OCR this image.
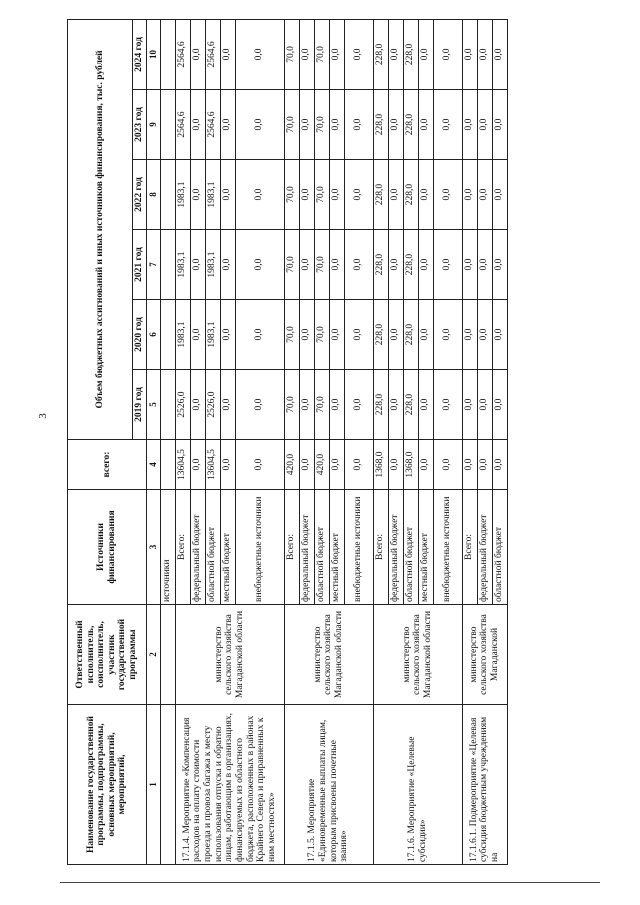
3
Наименование государственной программы, подпрограммы, основных мероприятий, мероприятий,	Ответственный исполнитель, соисполнитель, участник государственной программы	Источники финансирования	всего:	Объем бюджетных ассигнований и иных источников финансирования, тыс. рублей					
				2019 год	2020 год	2021 год	2022 год	2023 год	2024 год
1	2	3	4	5	6	7	8	9	10
		источники							
17.1.4. Мероприятие «Компенсация расходов на оплату стоимости проезда и провоза багажа к месту использования отпуска и обратно лицам, работающим в организациях, финансируемых из областного бюджета, расположенных в районах Крайнего Севера и приравненных к ним местностях»	министерство сельского хозяйства Магаданской области	Всего:	13604,5	2526,0	1983,1	1983,1	1983,1	2564,6	2564,6
		федеральный бюджет	0,0	0,0	0,0	0,0	0,0	0,0	0,0
		областной бюджет	13604,5	2526,0	1983,1	1983,1	1983,1	2564,6	2564,6
		местный бюджет	0,0	0,0	0,0	0,0	0,0	0,0	0,0
		внебюджетные источники	0,0	0,0	0,0	0,0	0,0	0,0	0,0
17.1.5. Мероприятие «Единовременные выплаты лицам, которым присвоены почетные звания»	министерство сельского хозяйства Магаданской области	Всего:	420,0	70,0	70,0	70,0	70,0	70,0	70,0
		федеральный бюджет	0,0	0,0	0,0	0,0	0,0	0,0	0,0
		областной бюджет	420,0	70,0	70,0	70,0	70,0	70,0	70,0
		местный бюджет	0,0	0,0	0,0	0,0	0,0	0,0	0,0
		внебюджетные источники	0,0	0,0	0,0	0,0	0,0	0,0	0,0
17.1.6. Мероприятие «Целевые субсидии»	министерство сельского хозяйства Магаданской области	Всего:	1368,0	228,0	228,0	228,0	228,0	228,0	228,0
		федеральный бюджет	0,0	0,0	0,0	0,0	0,0	0,0	0,0
		областной бюджет	1368,0	228,0	228,0	228,0	228,0	228,0	228,0
		местный бюджет	0,0	0,0	0,0	0,0	0,0	0,0	0,0
		внебюджетные источники	0,0	0,0	0,0	0,0	0,0	0,0	0,0
17.1.6.1. Подмероприятие «Целевая субсидия бюджетным учреждениям на	министерство сельского хозяйства Магаданской	Всего:	0,0	0,0	0,0	0,0	0,0	0,0	0,0
		федеральный бюджет	0,0	0,0	0,0	0,0	0,0	0,0	0,0
		областной бюджет	0,0	0,0	0,0	0,0	0,0	0,0	0,0
